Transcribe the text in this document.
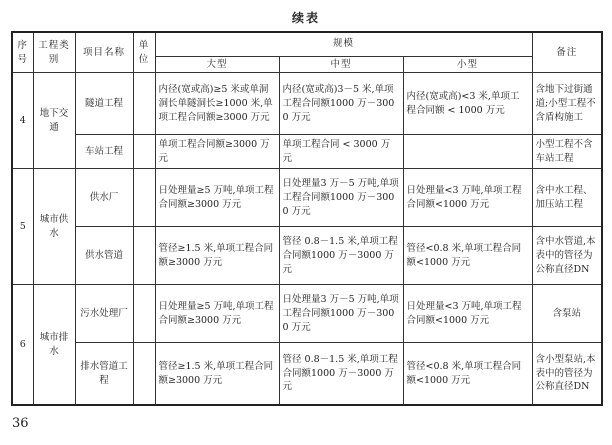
续表
序号	工程类别	项目名称	单位	规模			备注
				大型	中型	小型	
4	地下交通	隧道工程		内径(宽或高)≥5 米或单洞洞长单隧洞长≥1000 米,单项工程合同额≥3000 万元	内径(宽或高)3－5 米,单项工程合同额1000 万－3000 万元	内径(宽或高)<3 米,单项工程合同额 < 1000 万元	含地下过街通道;小型工程不含盾构施工
		车站工程		单项工程合同额≥3000 万元	单项工程合同 < 3000 万元		小型工程不含车站工程
5	城市供水	供水厂		日处理量≥5 万吨,单项工程合同额≥3000 万元	日处理量3 万－5 万吨,单项工程合同额1000 万－3000 万元	日处理量<3 万吨,单项工程合同额<1000 万元	含中水工程、加压站工程
		供水管道		管径≥1.5 米,单项工程合同额≥3000 万元	管径 0.8－1.5 米,单项工程合同额1000 万－3000 万元	管径<0.8 米,单项工程合同额<1000 万元	含中水管道,本表中的管径为公称直径DN
6	城市排水	污水处理厂		日处理量≥5 万吨,单项工程合同额≥3000 万元	日处理量3 万－5 万吨,单项工程合同额1000 万－3000 万元	日处理量<3 万吨,单项工程合同额<1000 万元	含泵站
		排水管道工程		管径≥1.5 米,单项工程合同额≥3000 万元	管径 0.8－1.5 米,单项工程合同额1000 万－3000 万元	管径<0.8 米,单项工程合同额<1000 万元	含小型泵站,本表中的管径为公称直径DN
36
